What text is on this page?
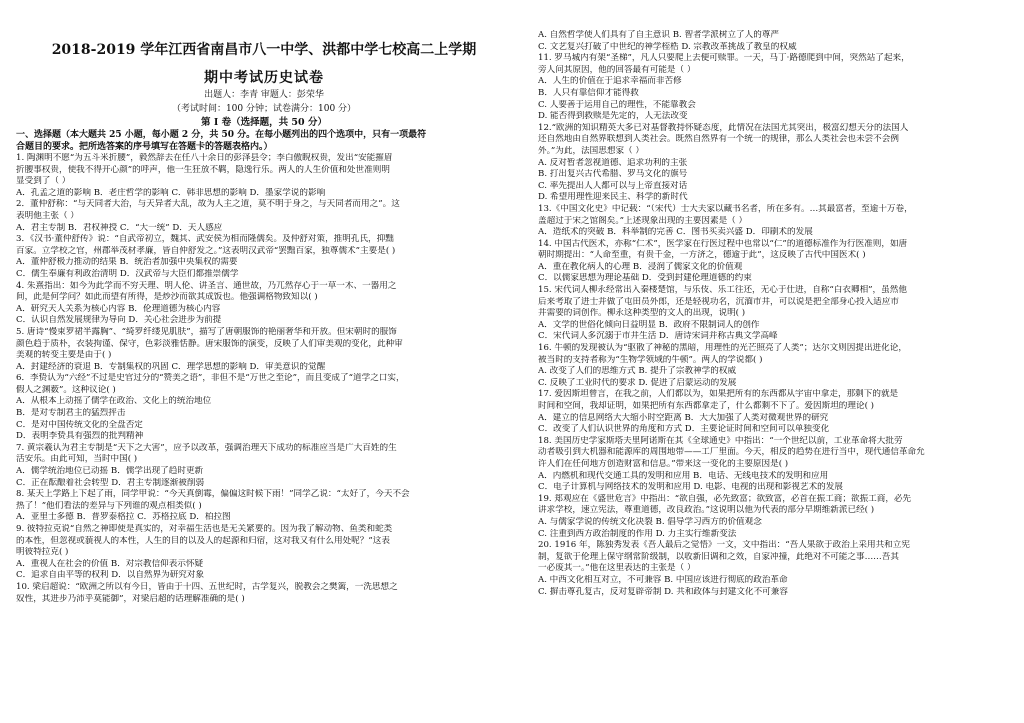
2018-2019 学年江西省南昌市八一中学、洪都中学七校高二上学期
期中考试历史试卷
出题人：李青 审题人：彭荣华
（考试时间：100 分钟；试卷满分：100 分）
第 I 卷（选择题，共 50 分）
一、选择题（本大题共 25 小题，每小题 2 分，共 50 分。在每小题列出的四个选项中，只有一项最符
合题目的要求。把所选答案的序号填写在答题卡的答题表格内。）
1. 陶渊明不愿“为五斗米折腰”，毅然辞去在任八十余日的彭泽县令；李白傲睨权贵，发出“安能摧眉
折腰事权贵，使我不得开心颜”的呼声，他一生狂放不羁，隐逸行乐。两人的人生价值和处世准则明
显受到了（ ）
A．孔孟之道的影响 B．老庄哲学的影响 C．韩非思想的影响 D．墨家学说的影响
2．董仲舒称：“与天同者大治，与天异者大乱，故为人主之道，莫不明于身之，与天同者而用之”。这
表明他主张（ ）
A．君主专制 B．君权神授 C．“大一统” D．天人感应
3．《汉书·董仲舒传》说：“自武帝初立，魏其、武安侯为相而隆儒矣。及仲舒对策，推明孔氏，抑黜
百家。立学校之官，州郡举茂材孝廉，皆自仲舒发之。”这表明汉武帝“罢黜百家，独尊儒术”主要是( )
A．董仲舒极力推动的结果 B．统治者加强中央集权的需要
C．儒生奉廉有利政治清明 D．汉武帝与大臣们都推崇儒学
4. 朱熹指出：如今为此学而不穷天理、明人伦、讲圣言、通世故，乃兀然存心于一草一木、一器用之
间，此是何学问？如此而望有所得，是炒沙而欲其成饭也。他强调格物致知以( )
A．研究天人关系为核心内容 B．伦理道德为核心内容
C．认识自然发展规律为导向 D．关心社会进步为前提
5. 唐诗“慢束罗裙半露胸”、“绮罗纤缕见肌肤”，描写了唐朝服饰的艳丽奢华和开放。但宋朝时的服饰
颜色趋于质朴，衣装拘谨、保守，色彩淡雅恬静。唐宋服饰的演变，反映了人们审美观的变化，此种审
美观的转变主要是由于( )
A．封建经济的衰退 B．专制集权的巩固 C．理学思想的影响 D．审美意识的觉醒
6．李贽认为“六经”不过是史官过分的“赞美之语”，非但不是“万世之至论”，而且变成了“道学之口实，
假人之渊薮”。这种议论( )
A．从根本上动摇了儒学在政治、文化上的统治地位
B．是对专制君主的猛烈抨击
C．是对中国传统文化的全盘否定
D．表明李贽具有强烈的批判精神
7. 黄宗羲认为君主专制是“天下之大害”，应予以改革，强调治理天下成功的标准应当是广大百姓的生
活安乐。由此可知，当时中国( )
A．儒学统治地位已动摇 B．儒学出现了趋时更新
C．正在酝酿着社会转型 D．君主专制逐渐被削弱
8. 某天上学路上下起了雨，同学甲说：“今天真倒霉，偏偏这时候下雨！”同学乙说：“太好了，今天不会
热了！”他们看法的差异与下列谁的观点相类似( )
A．亚里士多德 B．普罗泰格拉 C．苏格拉底 D．柏拉图
9. 彼特拉克说“自然之神即使是真实的，对幸福生活也是无关紧要的。因为我了解动物、鱼类和蛇类
的本性，但忽视或藐视人的本性，人生的目的以及人的起源和归宿，这对我又有什么用处呢？”这表
明彼特拉克( )
A．重视人在社会的价值 B．对宗教信仰表示怀疑
C．追求自由平等的权利 D．以自然界为研究对象
10. 梁启超说：“欧洲之所以有今日，皆由于十四、五世纪时，古学复兴，脱教会之樊篱，一洗思想之
奴性，其进步乃沛乎莫能御”，对梁启超的话理解准确的是( )
A. 自然哲学使人们具有了自主意识 B. 智者学派树立了人的尊严
C. 文艺复兴打破了中世纪的神学桎梏 D. 宗教改革挑战了教皇的权威
11. 罗马城内有架“圣梯”，凡人只要爬上去便可赎罪。一天，马丁·路德爬到中间，突然站了起来，
旁人问其原因，他的回答最有可能是（ ）
A．人生的价值在于追求幸福而非苦修
B．人只有靠信仰才能得救
C. 人要善于运用自己的理性，不能靠教会
D. 能否得到救赎是先定的，人无法改变
12.“欧洲的知识精英大多已对基督教持怀疑态度，此情况在法国尤其突出，极富幻想天分的法国人
还自然地由自然界联想到人类社会。既然自然界有一个统一的规律，那么人类社会也未尝不会例
外。”为此，法国思想家（ ）
A. 反对暂者忽视道德、追求功利的主张
B. 打出复兴古代希腊、罗马文化的旗号
C. 率先提出人人都可以与上帝直接对话
D. 希望用理性迎来民主、科学的新时代
13.《中国文化史》中记载：“（宋代）士大夫家以藏书名者，所在多有。…其最富者，至逾十万卷，
盖超过于宋之馆阁矣。”上述现象出现的主要因素是（ ）
A．造纸术的突破 B．科举制的完善 C．图书买卖兴盛 D．印刷术的发展
14. 中国古代医术，亦称“仁术”，医学家在行医过程中也常以“仁”的道德标准作为行医准则，如唐
朝时期提出：“人命至重，有贵千金，一方济之，德逾于此”，这反映了古代中国医术( )
A．重在教化病人的心理 B．浸润了儒家文化的价值观
C．以儒家思想为理论基础 D．受到封建伦理道德的约束
15. 宋代词人柳永经常出入秦楼楚馆，与乐伎、乐工往还，无心于仕进，自称“白衣卿相”，虽然他
后来考取了进士并做了屯田员外郎，还是轻视功名，沉湎市井，可以说是把全部身心投入适应市
井需要的词创作。柳永这种类型的文人的出现，说明( )
A．文学的世俗化倾向日益明显 B．政府不限制词人的创作
C．宋代词人多沉溺于市井生活 D．唐诗宋词并称古典文学高峰
16. 牛顿的发现被认为“驱散了神秘的黑暗，用理性的光芒照亮了人类”；达尔文则因提出进化论，
被当时的支持者称为“生物学领域的牛顿”。两人的学说都( )
A. 改变了人们的思维方式 B. 提升了宗教神学的权威
C. 反映了工业时代的要求 D. 促进了启蒙运动的发展
17. 爱因斯坦曾言，在我之前，人们都以为，如果把所有的东西都从宇宙中拿走，那剩下的就是
时间和空间，我却证明，如果把所有东西都拿走了，什么都剩不下了。爱因斯坦的理论( )
A．建立的信息网络大大缩小时空距离 B．大大加强了人类对微观世界的研究
C．改变了人们认识世界的角度和方式 D．主要论证时间和空间可以单独变化
18. 美国历史学家斯塔夫里阿诺斯在其《全球通史》中指出：“一个世纪以前，工业革命将大批劳
动者吸引到大机器和能源库的周围地带——工厂里面。今天，相反的趋势在进行当中，现代通信革命允
许人们在任何地方创造财富和信息。”带来这一变化的主要原因是( )
A．内燃机和现代交通工具的发明和应用 B．电话、无线电技术的发明和应用
C．电子计算机与网络技术的发明和应用 D. 电影、电视的出现和影视艺术的发展
19. 郑观应在《盛世危言》中指出：“欲自强，必先致富；欲致富，必首在振工商；欲振工商，必先
讲求学校，速立宪法，尊重道德，改良政治。”这说明以他为代表的部分早期维新派已经( )
A. 与儒家学说的传统文化决裂 B. 倡导学习西方的价值观念
C. 注重到西方政治制度的作用 D. 力主实行维新变法
20. 1916 年，陈独秀发表《吾人最后之觉悟》一文，文中指出：“吾人果欲于政治上采用共和立宪
制，复欲于伦理上保守纲常阶级制，以收新旧调和之效，自家冲撞，此绝对不可能之事……吾其
一必废其一。”他在这里表达的主张是（ ）
A. 中西文化相互对立，不可兼容 B. 中国应该进行彻底的政治革命
C. 摒击尊孔复古，反对复辟帝制 D. 共和政体与封建文化不可兼容
